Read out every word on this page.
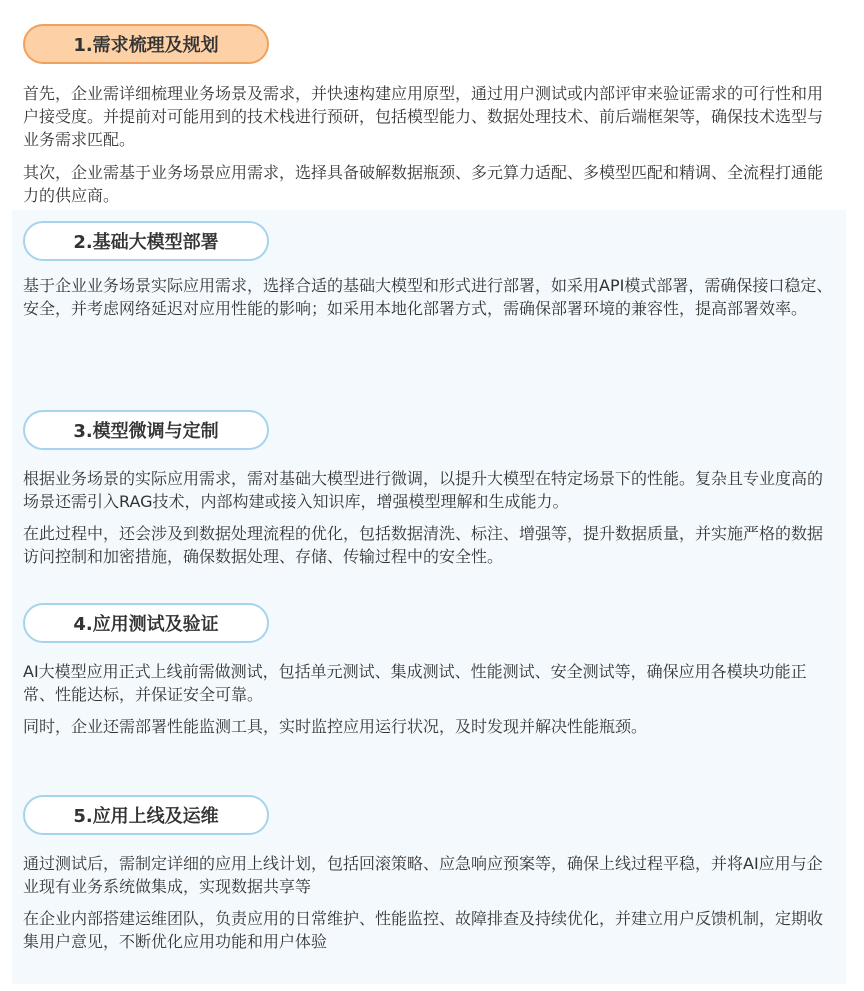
1.需求梳理及规划

首先，企业需详细梳理业务场景及需求，并快速构建应用原型，通过用户测试或内部评审来验证需求的可行性和用户接受度。并提前对可能用到的技术栈进行预研，包括模型能力、数据处理技术、前后端框架等，确保技术选型与业务需求匹配。

其次，企业需基于业务场景应用需求，选择具备破解数据瓶颈、多元算力适配、多模型匹配和精调、全流程打通能力的供应商。

2.基础大模型部署

基于企业业务场景实际应用需求，选择合适的基础大模型和形式进行部署，如采用API模式部署，需确保接口稳定、安全，并考虑网络延迟对应用性能的影响；如采用本地化部署方式，需确保部署环境的兼容性，提高部署效率。

3.模型微调与定制

根据业务场景的实际应用需求，需对基础大模型进行微调，以提升大模型在特定场景下的性能。复杂且专业度高的场景还需引入RAG技术，内部构建或接入知识库，增强模型理解和生成能力。

在此过程中，还会涉及到数据处理流程的优化，包括数据清洗、标注、增强等，提升数据质量，并实施严格的数据访问控制和加密措施，确保数据处理、存储、传输过程中的安全性。

4.应用测试及验证

AI大模型应用正式上线前需做测试，包括单元测试、集成测试、性能测试、安全测试等，确保应用各模块功能正常、性能达标，并保证安全可靠。

同时，企业还需部署性能监测工具，实时监控应用运行状况，及时发现并解决性能瓶颈。

5.应用上线及运维

通过测试后，需制定详细的应用上线计划，包括回滚策略、应急响应预案等，确保上线过程平稳，并将AI应用与企业现有业务系统做集成，实现数据共享等

在企业内部搭建运维团队，负责应用的日常维护、性能监控、故障排查及持续优化，并建立用户反馈机制，定期收集用户意见，不断优化应用功能和用户体验
